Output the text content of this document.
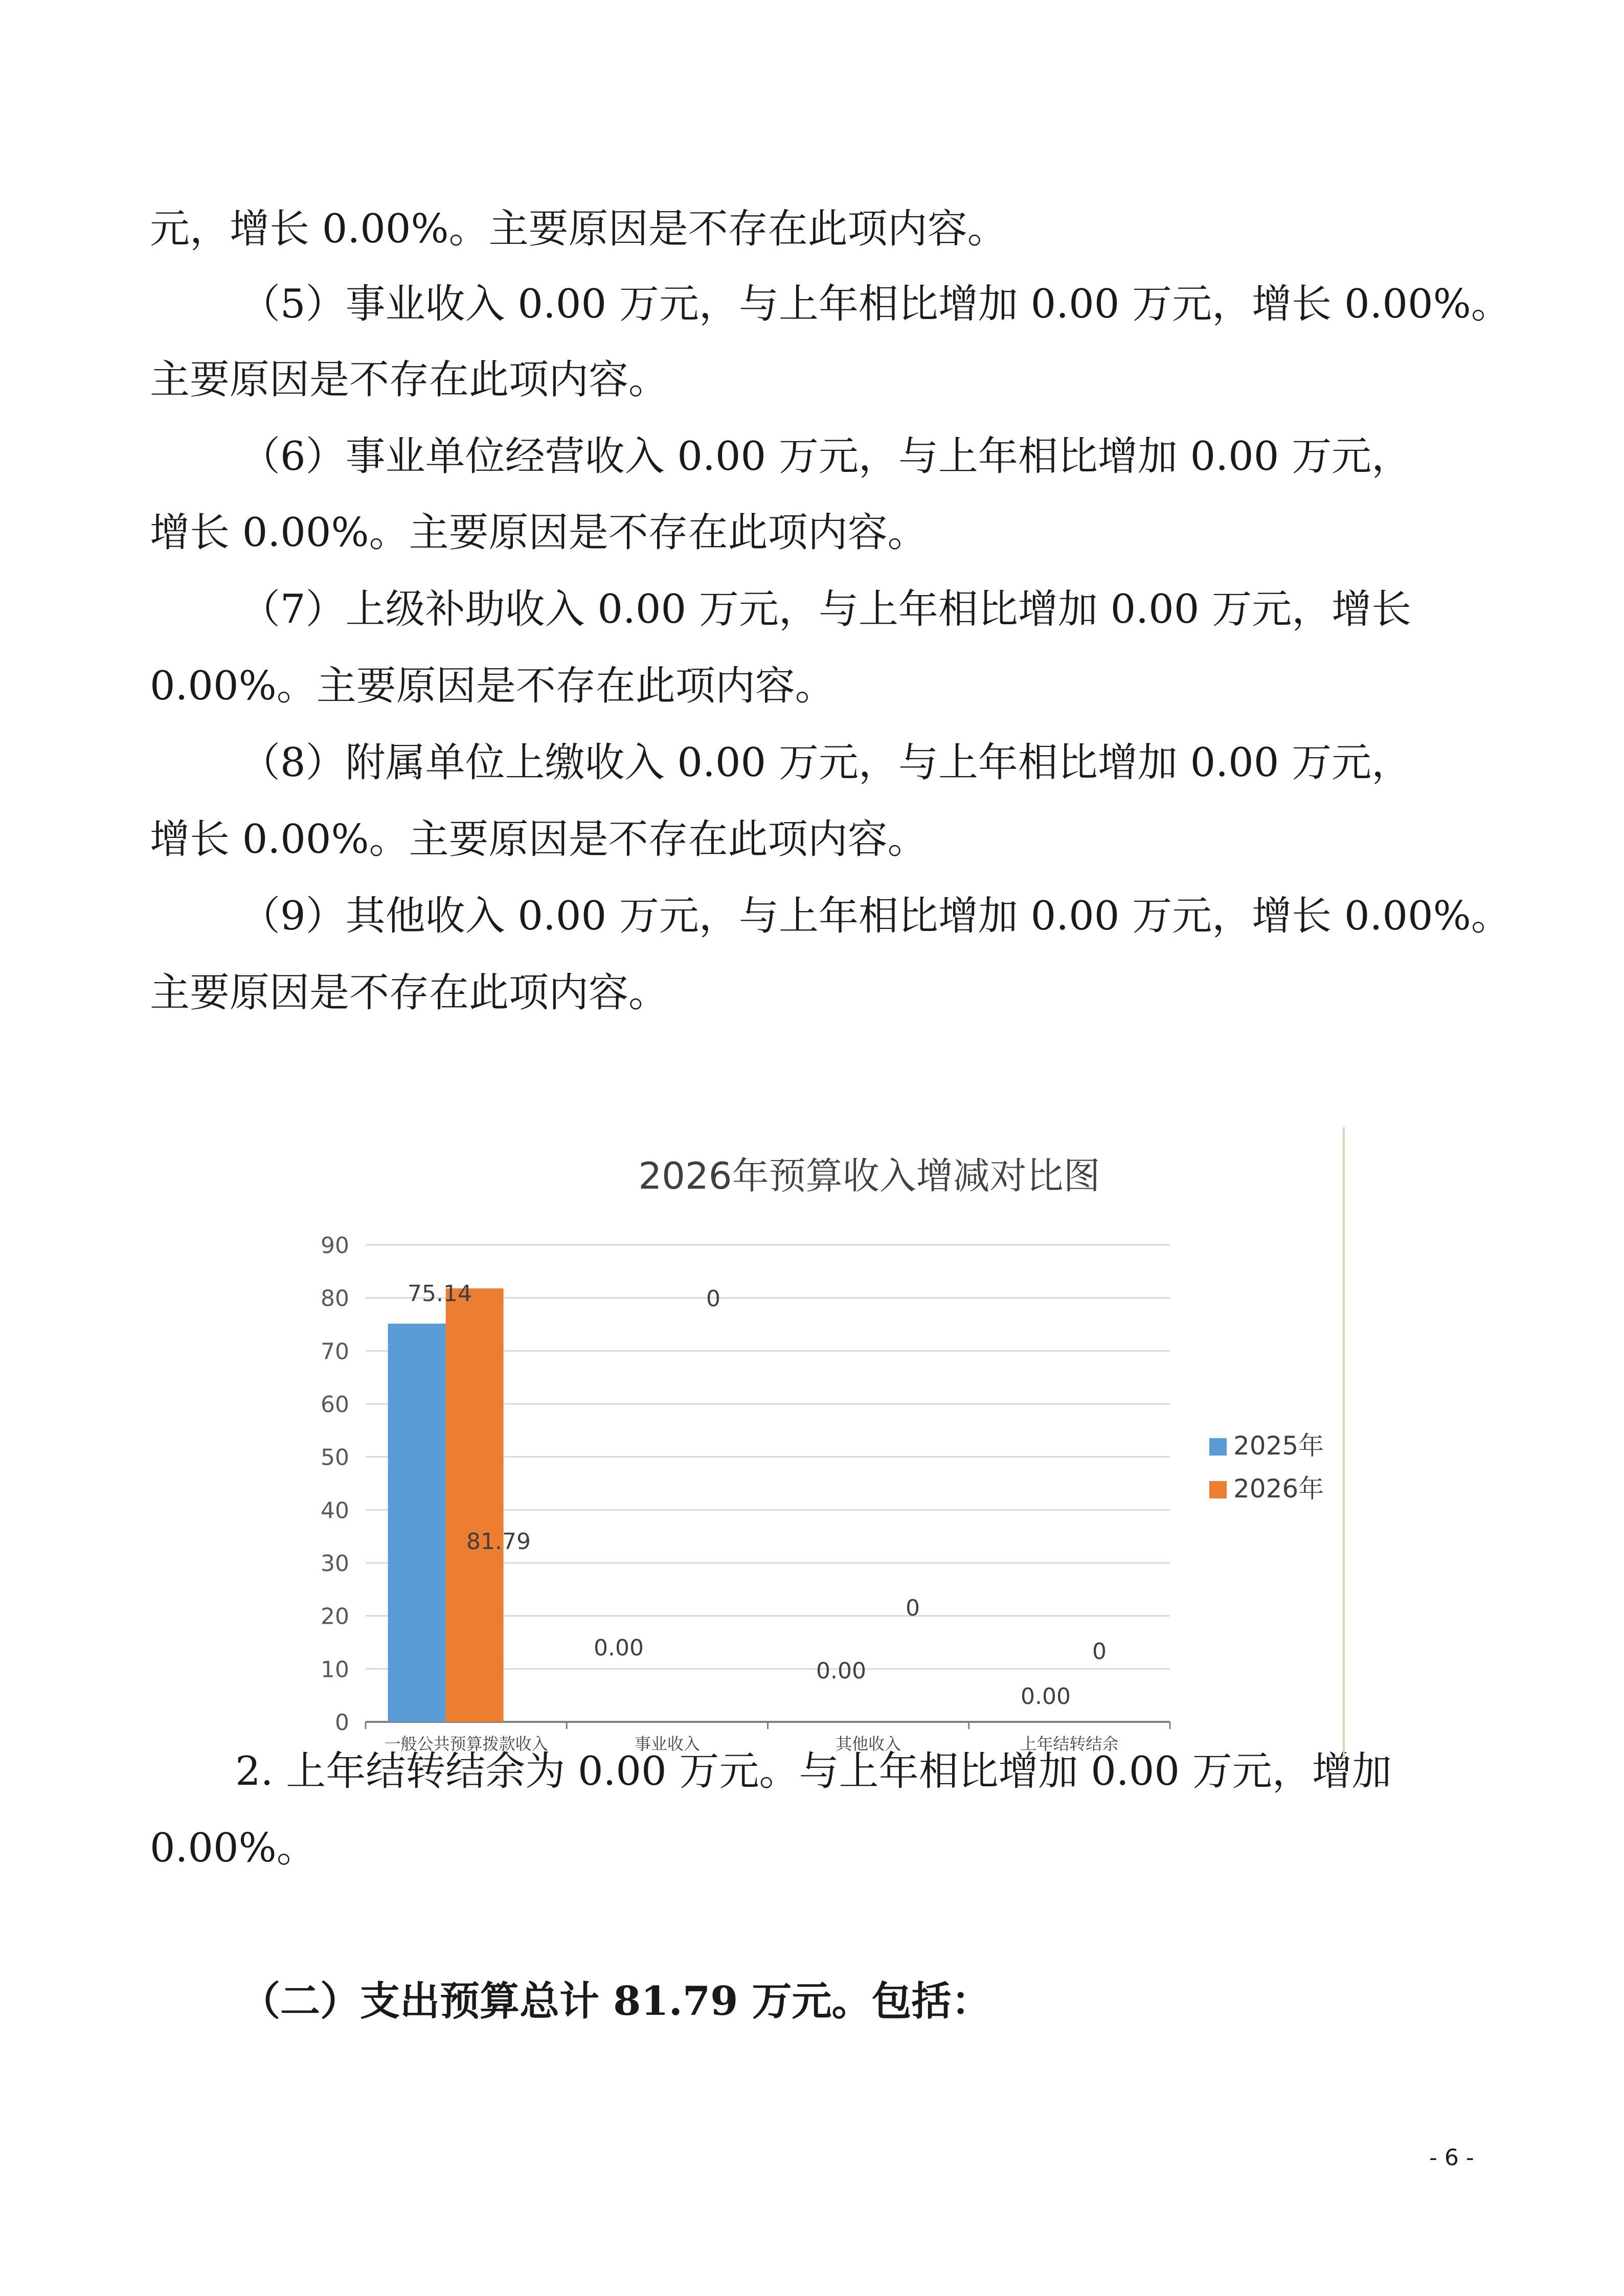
元，增长 0.00%。主要原因是不存在此项内容。
（5）事业收入 0.00 万元，与上年相比增加 0.00 万元，增长 0.00%。
主要原因是不存在此项内容。
（6）事业单位经营收入 0.00 万元，与上年相比增加 0.00 万元，
增长 0.00%。主要原因是不存在此项内容。
（7）上级补助收入 0.00 万元，与上年相比增加 0.00 万元，增长
0.00%。主要原因是不存在此项内容。
（8）附属单位上缴收入 0.00 万元，与上年相比增加 0.00 万元，
增长 0.00%。主要原因是不存在此项内容。
（9）其他收入 0.00 万元，与上年相比增加 0.00 万元，增长 0.00%。
主要原因是不存在此项内容。
2. 上年结转结余为 0.00 万元。与上年相比增加 0.00 万元，增加
0.00%。
（二）支出预算总计 81.79 万元。包括：
2026年预算收入增减对比图
0
10
20
30
40
50
60
70
80
90
一般公共预算拨款收入	事业收入	其他收入	上年结转结余
75.14
0.00
0.00
0.00
81.79
0
0
0
2025年
2026年
- 6 -
